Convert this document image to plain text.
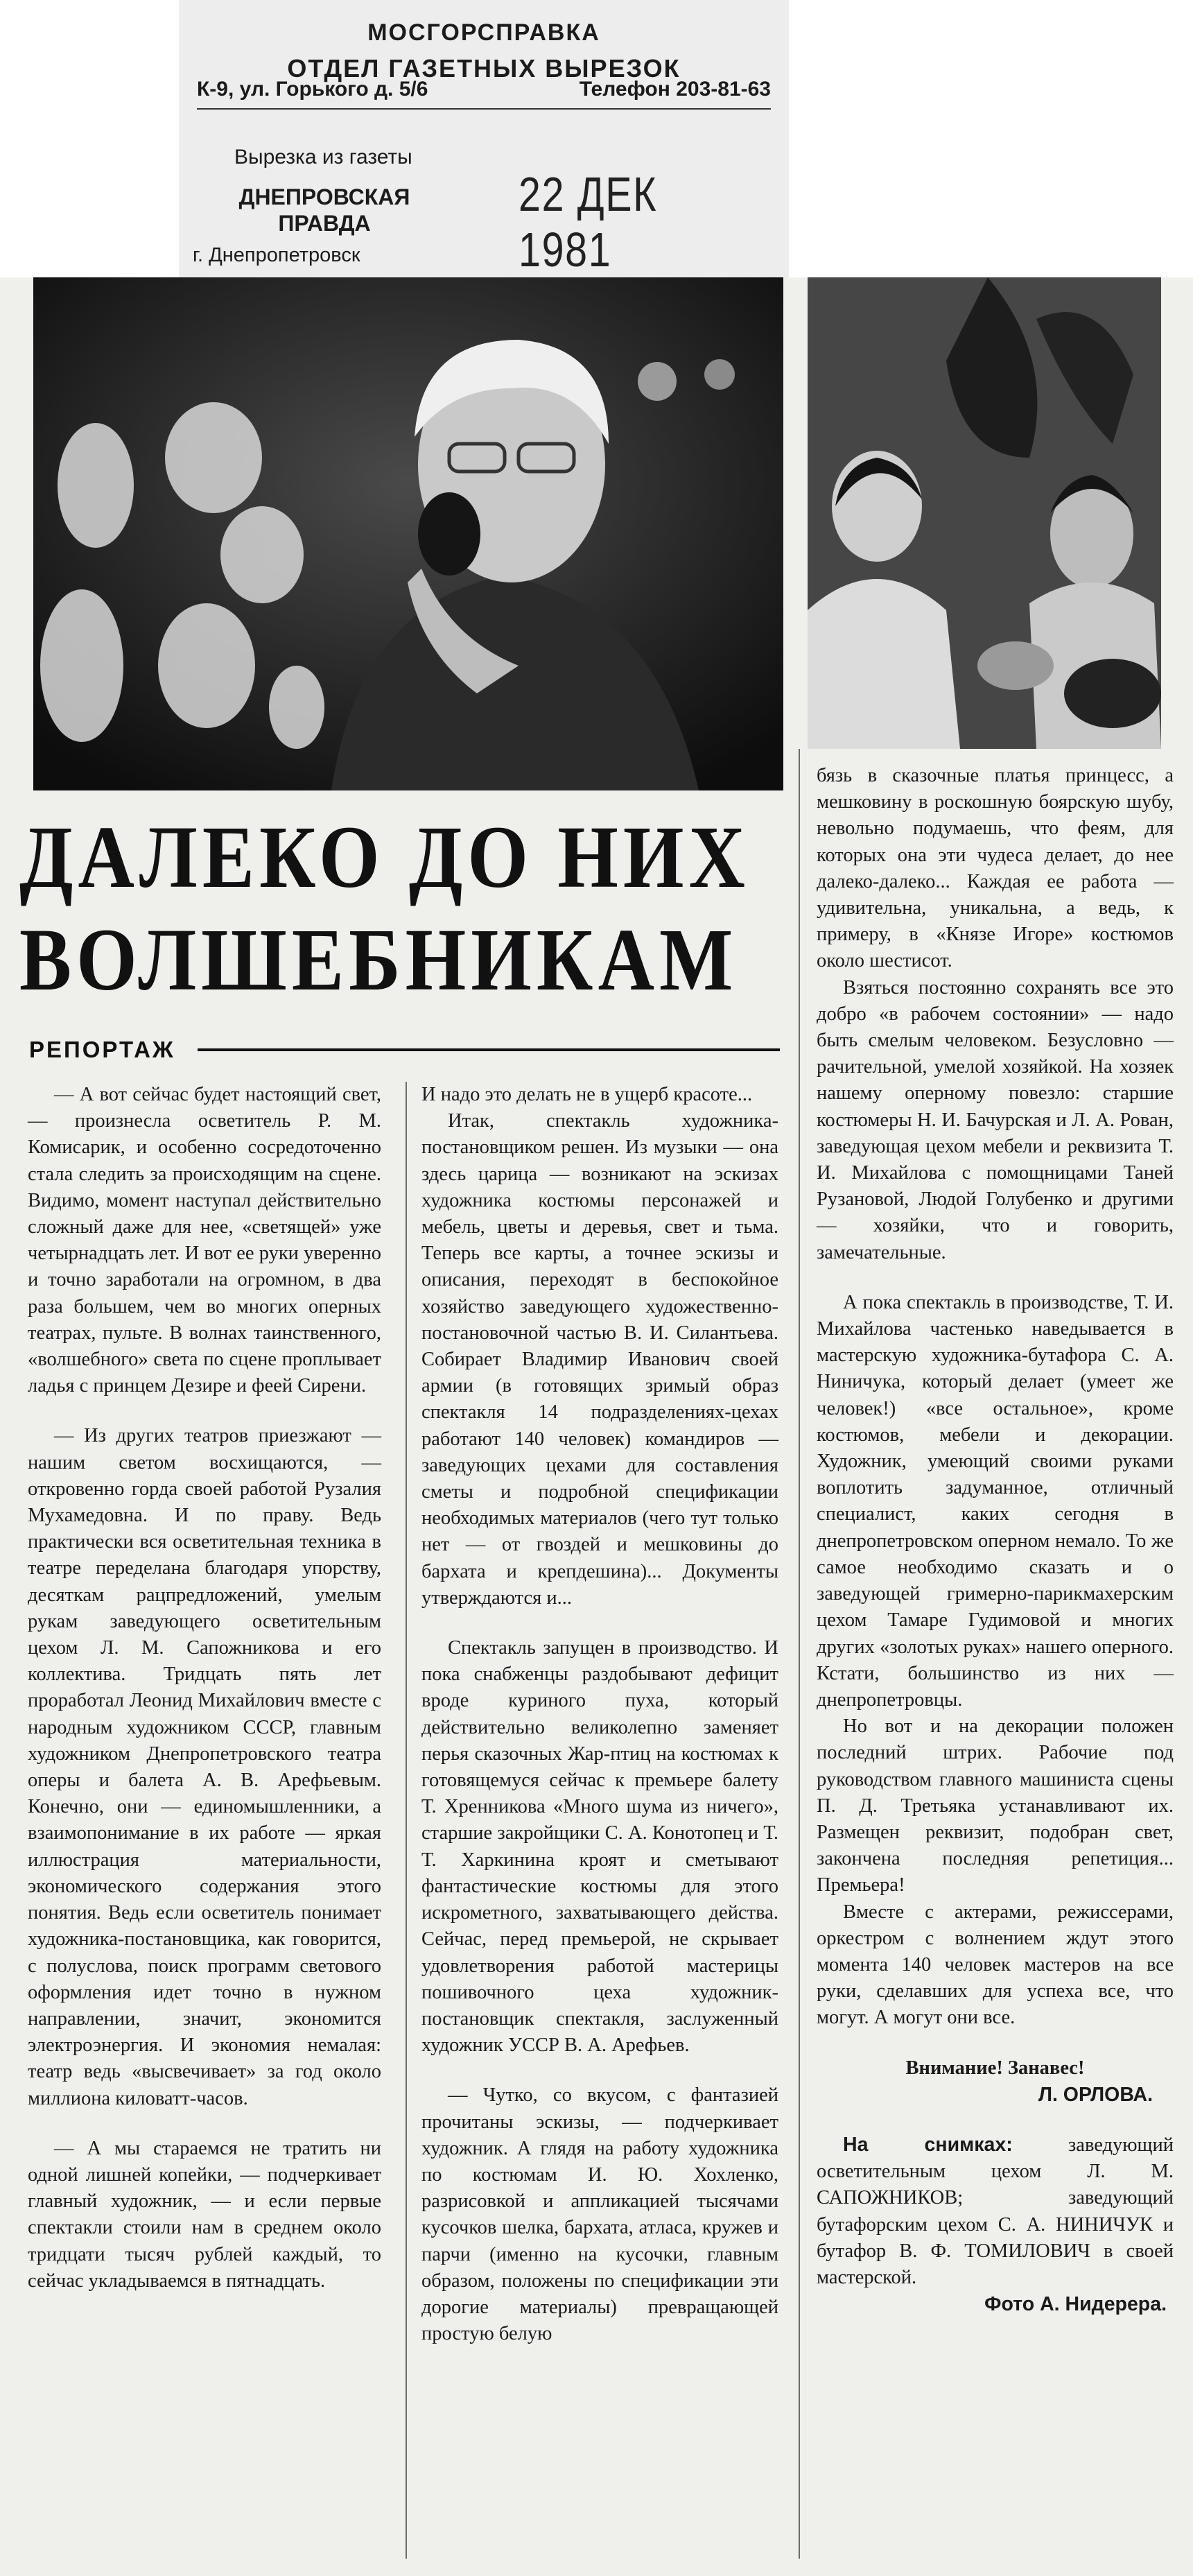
МОСГОРСПРАВКА
ОТДЕЛ ГАЗЕТНЫХ ВЫРЕЗОК
К-9, ул. Горького д. 5/6	Телефон 203-81-63
Вырезка из газеты
ДНЕПРОВСКАЯ
ПРАВДА
22 ДЕК 1981
г. Днепропетровск
ДАЛЕКО ДО НИХ
ВОЛШЕБНИКАМ
РЕПОРТАЖ

— А вот сейчас будет настоящий свет, — произнесла осветитель Р. М. Комисарик, и особенно сосредоточенно стала следить за происходящим на сцене. Видимо, момент наступал действительно сложный даже для нее, «светящей» уже четырнадцать лет. И вот ее руки уверенно и точно заработали на огромном, в два раза большем, чем во многих оперных театрах, пульте. В волнах таинственного, «волшебного» света по сцене проплывает ладья с принцем Дезире и феей Сирени.

— Из других театров приезжают — нашим светом восхищаются, — откровенно горда своей работой Рузалия Мухамедовна. И по праву. Ведь практически вся осветительная техника в театре переделана благодаря упорству, десяткам рацпредложений, умелым рукам заведующего осветительным цехом Л. М. Сапожникова и его коллектива. Тридцать пять лет проработал Леонид Михайлович вместе с народным художником СССР, главным художником Днепропетровского театра оперы и балета А. В. Арефьевым. Конечно, они — единомышленники, а взаимопонимание в их работе — яркая иллюстрация материальности, экономического содержания этого понятия. Ведь если осветитель понимает художника-постановщика, как говорится, с полуслова, поиск программ светового оформления идет точно в нужном направлении, значит, экономится электроэнергия. И экономия немалая: театр ведь «высвечивает» за год около миллиона киловатт-часов.

— А мы стараемся не тратить ни одной лишней копейки, — подчеркивает главный художник, — и если первые спектакли стоили нам в среднем около тридцати тысяч рублей каждый, то сейчас укладываемся в пятнадцать.

И надо это делать не в ущерб красоте...

Итак, спектакль художника-постановщиком решен. Из музыки — она здесь царица — возникают на эскизах художника костюмы персонажей и мебель, цветы и деревья, свет и тьма. Теперь все карты, а точнее эскизы и описания, переходят в беспокойное хозяйство заведующего художественно-постановочной частью В. И. Силантьева. Собирает Владимир Иванович своей армии (в готовящих зримый образ спектакля 14 подразделениях-цехах работают 140 человек) командиров — заведующих цехами для составления сметы и подробной спецификации необходимых материалов (чего тут только нет — от гвоздей и мешковины до бархата и крепдешина)... Документы утверждаются и...

Спектакль запущен в производство. И пока снабженцы раздобывают дефицит вроде куриного пуха, который действительно великолепно заменяет перья сказочных Жар-птиц на костюмах к готовящемуся сейчас к премьере балету Т. Хренникова «Много шума из ничего», старшие закройщики С. А. Конотопец и Т. Т. Харкинина кроят и сметывают фантастические костюмы для этого искрометного, захватывающего действа. Сейчас, перед премьерой, не скрывает удовлетворения работой мастерицы пошивочного цеха художник-постановщик спектакля, заслуженный художник УССР В. А. Арефьев.

— Чутко, со вкусом, с фантазией прочитаны эскизы, — подчеркивает художник. А глядя на работу художника по костюмам И. Ю. Хохленко, разрисовкой и аппликацией тысячами кусочков шелка, бархата, атласа, кружев и парчи (именно на кусочки, главным образом, положены по спецификации эти дорогие материалы) превращающей простую белую

бязь в сказочные платья принцесс, а мешковину в роскошную боярскую шубу, невольно подумаешь, что феям, для которых она эти чудеса делает, до нее далеко-далеко... Каждая ее работа — удивительна, уникальна, а ведь, к примеру, в «Князе Игоре» костюмов около шестисот.

Взяться постоянно сохранять все это добро «в рабочем состоянии» — надо быть смелым человеком. Безусловно — рачительной, умелой хозяйкой. На хозяек нашему оперному повезло: старшие костюмеры Н. И. Бачурская и Л. А. Рован, заведующая цехом мебели и реквизита Т. И. Михайлова с помощницами Таней Рузановой, Людой Голубенко и другими — хозяйки, что и говорить, замечательные.

А пока спектакль в производстве, Т. И. Михайлова частенько наведывается в мастерскую художника-бутафора С. А. Ниничука, который делает (умеет же человек!) «все остальное», кроме костюмов, мебели и декорации. Художник, умеющий своими руками воплотить задуманное, отличный специалист, каких сегодня в днепропетровском оперном немало. То же самое необходимо сказать и о заведующей гримерно-парикмахерским цехом Тамаре Гудимовой и многих других «золотых руках» нашего оперного. Кстати, большинство из них — днепропетровцы.

Но вот и на декорации положен последний штрих. Рабочие под руководством главного машиниста сцены П. Д. Третьяка устанавливают их. Размещен реквизит, подобран свет, закончена последняя репетиция... Премьера!

Вместе с актерами, режиссерами, оркестром с волнением ждут этого момента 140 человек мастеров на все руки, сделавших для успеха все, что могут. А могут они все.

Внимание! Занавес!

Л. ОРЛОВА.
На снимках:	заведующий осветительным цехом Л. М. САПОЖНИКОВ; заведующий бутафорским цехом С. А. НИНИЧУК и бутафор В. Ф. ТОМИЛОВИЧ в своей мастерской.
Фото А. Нидерера.
